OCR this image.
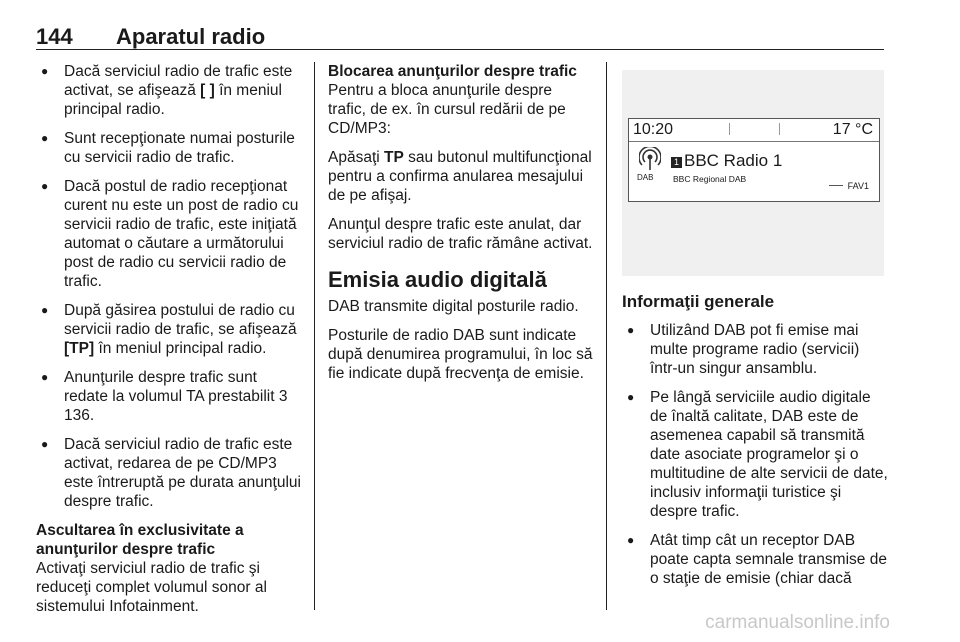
144 Aparatul radio
● Dacă serviciul radio de trafic este activat, se afişează [ ] în meniul principal radio.
● Sunt recepţionate numai posturile cu servicii radio de trafic.
● Dacă postul de radio recepţionat curent nu este un post de radio cu servicii radio de trafic, este iniţiată automat o căutare a următorului post de radio cu servicii radio de trafic.
● După găsirea postului de radio cu servicii radio de trafic, se afişează [TP] în meniul principal radio.
● Anunţurile despre trafic sunt redate la volumul TA prestabilit 3 136.
● Dacă serviciul radio de trafic este activat, redarea de pe CD/MP3 este întreruptă pe durata anunţului despre trafic.

Ascultarea în exclusivitate a anunţurilor despre trafic

Activaţi serviciul radio de trafic şi reduceţi complet volumul sonor al sistemului Infotainment.

Blocarea anunţurilor despre trafic

Pentru a bloca anunţurile despre trafic, de ex. în cursul redării de pe CD/MP3:

Apăsaţi TP sau butonul multifuncţional pentru a confirma anularea mesajului de pe afişaj.

Anunţul despre trafic este anulat, dar serviciul radio de trafic rămâne activat.

Emisia audio digitală

DAB transmite digital posturile radio.

Posturile de radio DAB sunt indicate după denumirea programului, în loc să fie indicate după frecvenţa de emisie.

10:20	17 °C
DAB
1 BBC Radio 1
BBC Regional DAB
FAV1
Informaţii generale
● Utilizând DAB pot fi emise mai multe programe radio (servicii) într-un singur ansamblu.
● Pe lângă serviciile audio digitale de înaltă calitate, DAB este de asemenea capabil să transmită date asociate programelor şi o multitudine de alte servicii de date, inclusiv informaţii turistice şi despre trafic.
● Atât timp cât un receptor DAB poate capta semnale transmise de o staţie de emisie (chiar dacă
carmanualsonline.info
